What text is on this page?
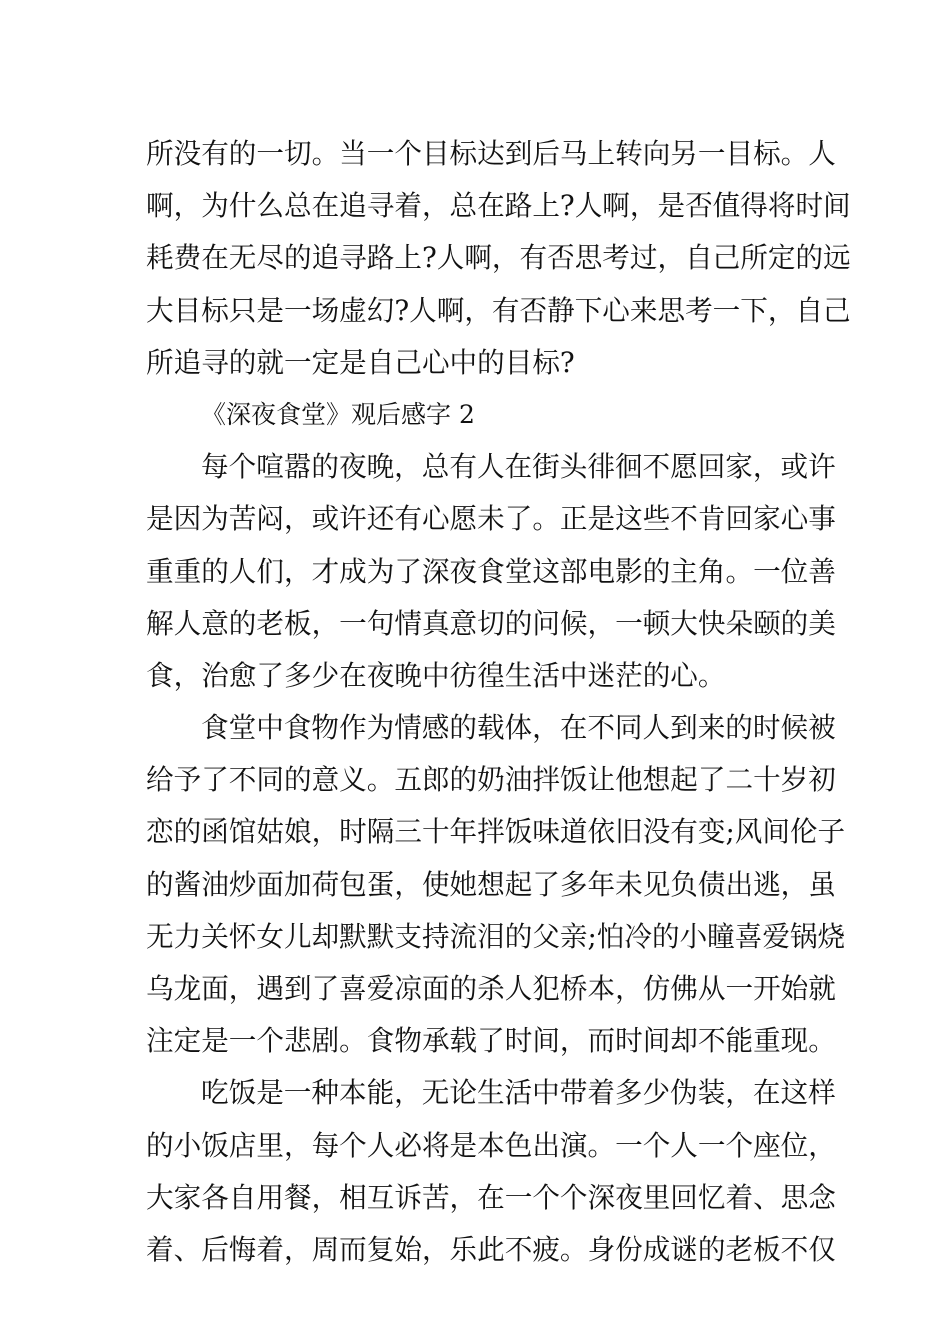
所没有的一切。当一个目标达到后马上转向另一目标。人
啊，为什么总在追寻着，总在路上?人啊，是否值得将时间
耗费在无尽的追寻路上?人啊，有否思考过，自己所定的远
大目标只是一场虚幻?人啊，有否静下心来思考一下，自己
所追寻的就一定是自己心中的目标?
《深夜食堂》观后感字 2
每个喧嚣的夜晚，总有人在街头徘徊不愿回家，或许
是因为苦闷，或许还有心愿未了。正是这些不肯回家心事
重重的人们，才成为了深夜食堂这部电影的主角。一位善
解人意的老板，一句情真意切的问候，一顿大快朵颐的美
食，治愈了多少在夜晚中彷徨生活中迷茫的心。
食堂中食物作为情感的载体，在不同人到来的时候被
给予了不同的意义。五郎的奶油拌饭让他想起了二十岁初
恋的函馆姑娘，时隔三十年拌饭味道依旧没有变;风间伦子
的酱油炒面加荷包蛋，使她想起了多年未见负债出逃，虽
无力关怀女儿却默默支持流泪的父亲;怕冷的小瞳喜爱锅烧
乌龙面，遇到了喜爱凉面的杀人犯桥本，仿佛从一开始就
注定是一个悲剧。食物承载了时间，而时间却不能重现。
吃饭是一种本能，无论生活中带着多少伪装，在这样
的小饭店里，每个人必将是本色出演。一个人一个座位，
大家各自用餐，相互诉苦，在一个个深夜里回忆着、思念
着、后悔着，周而复始，乐此不疲。身份成谜的老板不仅
